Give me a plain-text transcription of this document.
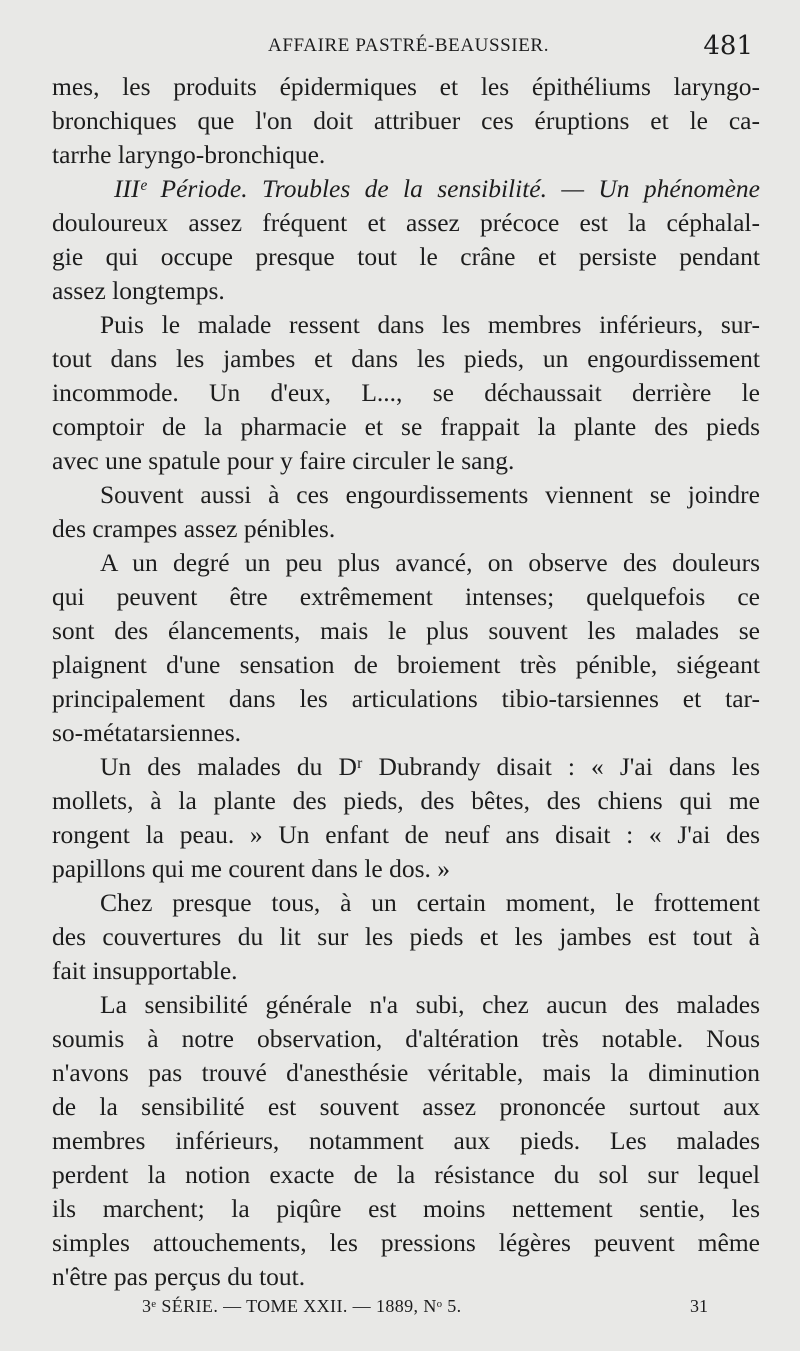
AFFAIRE PASTRÉ-BEAUSSIER.	481
mes, les produits épidermiques et les épithéliums laryngo-
bronchiques que l'on doit attribuer ces éruptions et le ca-
tarrhe laryngo-bronchique.
IIIᵉ Période. Troubles de la sensibilité. — Un phénomène
douloureux assez fréquent et assez précoce est la céphalal-
gie qui occupe presque tout le crâne et persiste pendant
assez longtemps.
Puis le malade ressent dans les membres inférieurs, sur-
tout dans les jambes et dans les pieds, un engourdissement
incommode. Un d'eux, L..., se déchaussait derrière le
comptoir de la pharmacie et se frappait la plante des pieds
avec une spatule pour y faire circuler le sang.
Souvent aussi à ces engourdissements viennent se joindre
des crampes assez pénibles.
A un degré un peu plus avancé, on observe des douleurs
qui peuvent être extrêmement intenses; quelquefois ce
sont des élancements, mais le plus souvent les malades se
plaignent d'une sensation de broiement très pénible, siégeant
principalement dans les articulations tibio-tarsiennes et tar-
so-métatarsiennes.
Un des malades du Dʳ Dubrandy disait : « J'ai dans les
mollets, à la plante des pieds, des bêtes, des chiens qui me
rongent la peau. » Un enfant de neuf ans disait : « J'ai des
papillons qui me courent dans le dos. »
Chez presque tous, à un certain moment, le frottement
des couvertures du lit sur les pieds et les jambes est tout à
fait insupportable.
La sensibilité générale n'a subi, chez aucun des malades
soumis à notre observation, d'altération très notable. Nous
n'avons pas trouvé d'anesthésie véritable, mais la diminution
de la sensibilité est souvent assez prononcée surtout aux
membres inférieurs, notamment aux pieds. Les malades
perdent la notion exacte de la résistance du sol sur lequel
ils marchent; la piqûre est moins nettement sentie, les
simples attouchements, les pressions légères peuvent même
n'être pas perçus du tout.
3ᵉ SÉRIE. — TOME XXII. — 1889, Nᵒ 5.	31
